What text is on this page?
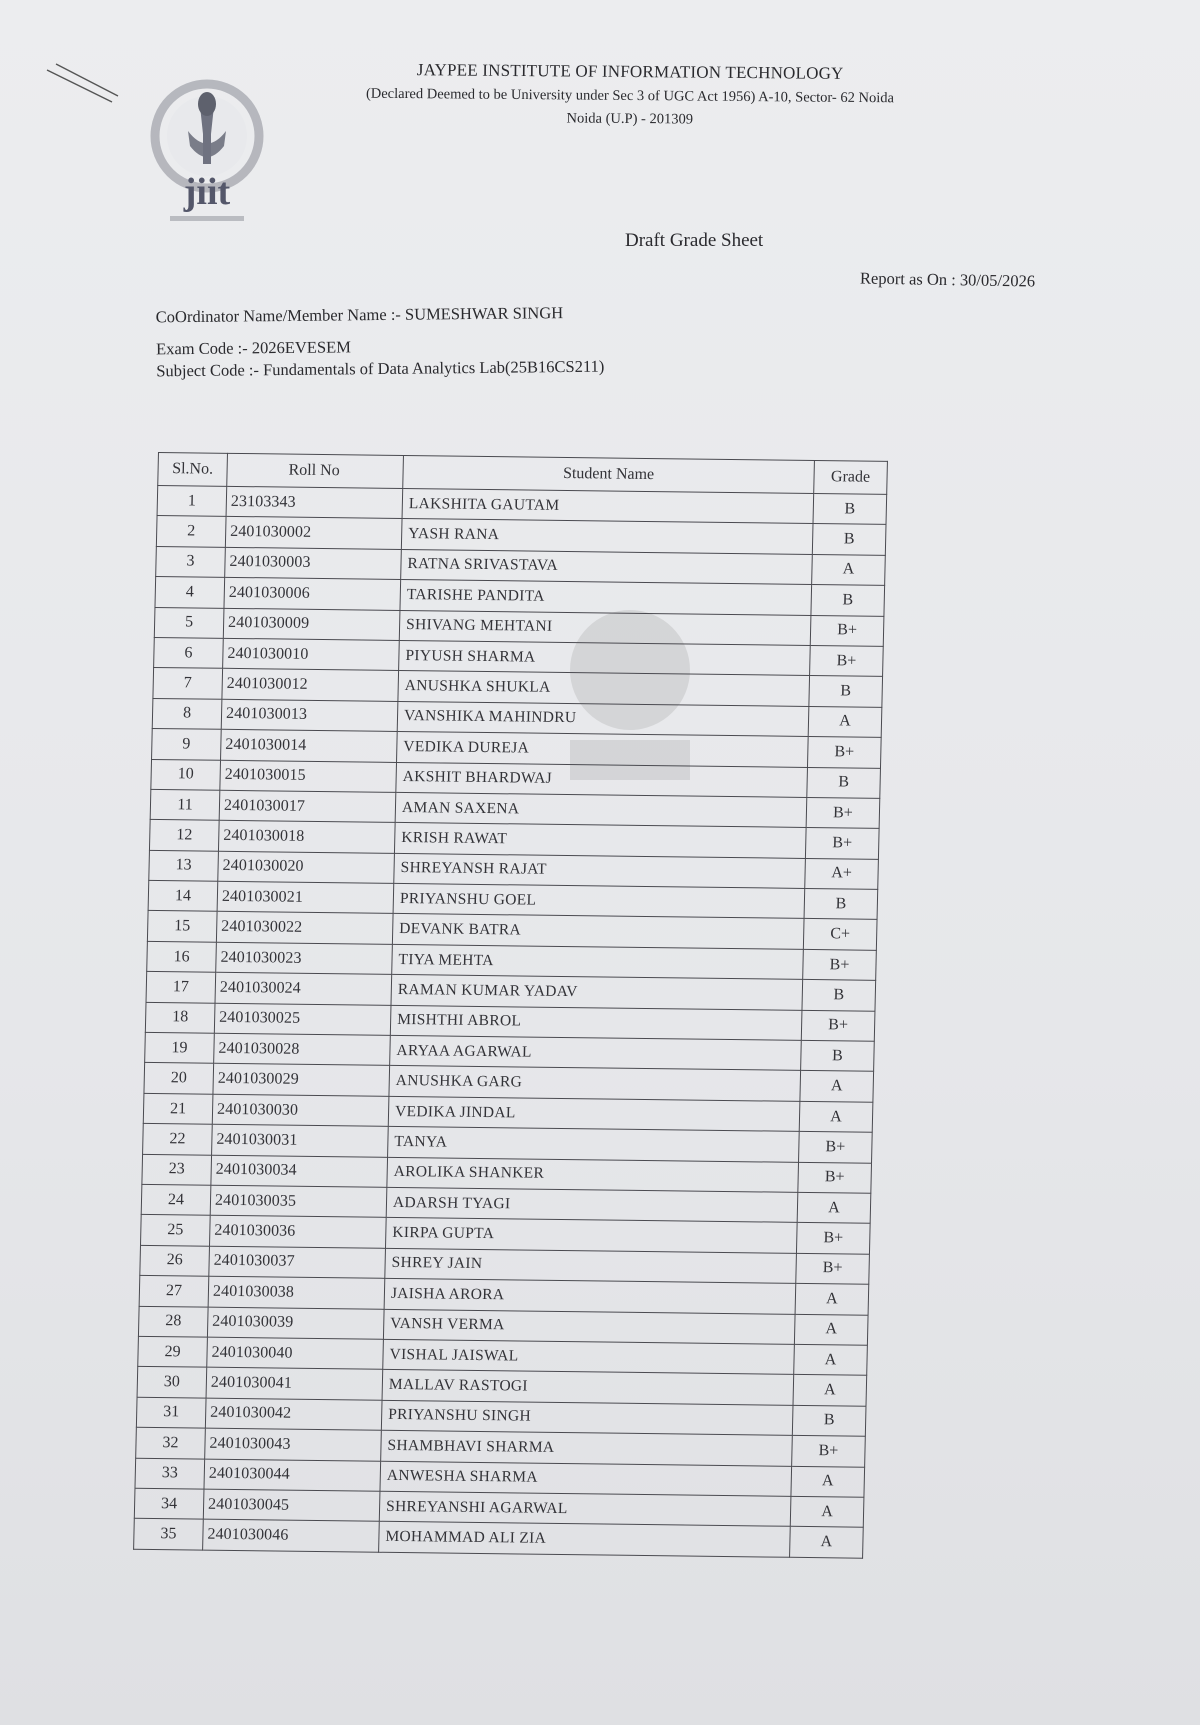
jiit
JAYPEE INSTITUTE OF INFORMATION TECHNOLOGY
(Declared Deemed to be University under Sec 3 of UGC Act 1956) A-10, Sector- 62 Noida
Noida (U.P) - 201309
Draft Grade Sheet
Report as On : 30/05/2026
CoOrdinator Name/Member Name :- SUMESHWAR SINGH
Exam Code :- 2026EVESEM
Subject Code :- Fundamentals of Data Analytics Lab(25B16CS211)
Sl.No.	Roll No	Student Name	Grade
1	23103343	LAKSHITA GAUTAM	B
2	2401030002	YASH RANA	B
3	2401030003	RATNA SRIVASTAVA	A
4	2401030006	TARISHE PANDITA	B
5	2401030009	SHIVANG MEHTANI	B+
6	2401030010	PIYUSH SHARMA	B+
7	2401030012	ANUSHKA SHUKLA	B
8	2401030013	VANSHIKA MAHINDRU	A
9	2401030014	VEDIKA DUREJA	B+
10	2401030015	AKSHIT BHARDWAJ	B
11	2401030017	AMAN SAXENA	B+
12	2401030018	KRISH RAWAT	B+
13	2401030020	SHREYANSH RAJAT	A+
14	2401030021	PRIYANSHU GOEL	B
15	2401030022	DEVANK BATRA	C+
16	2401030023	TIYA MEHTA	B+
17	2401030024	RAMAN KUMAR YADAV	B
18	2401030025	MISHTHI ABROL	B+
19	2401030028	ARYAA AGARWAL	B
20	2401030029	ANUSHKA GARG	A
21	2401030030	VEDIKA JINDAL	A
22	2401030031	TANYA	B+
23	2401030034	AROLIKA SHANKER	B+
24	2401030035	ADARSH TYAGI	A
25	2401030036	KIRPA GUPTA	B+
26	2401030037	SHREY JAIN	B+
27	2401030038	JAISHA ARORA	A
28	2401030039	VANSH VERMA	A
29	2401030040	VISHAL JAISWAL	A
30	2401030041	MALLAV RASTOGI	A
31	2401030042	PRIYANSHU SINGH	B
32	2401030043	SHAMBHAVI SHARMA	B+
33	2401030044	ANWESHA SHARMA	A
34	2401030045	SHREYANSHI AGARWAL	A
35	2401030046	MOHAMMAD ALI ZIA	A
